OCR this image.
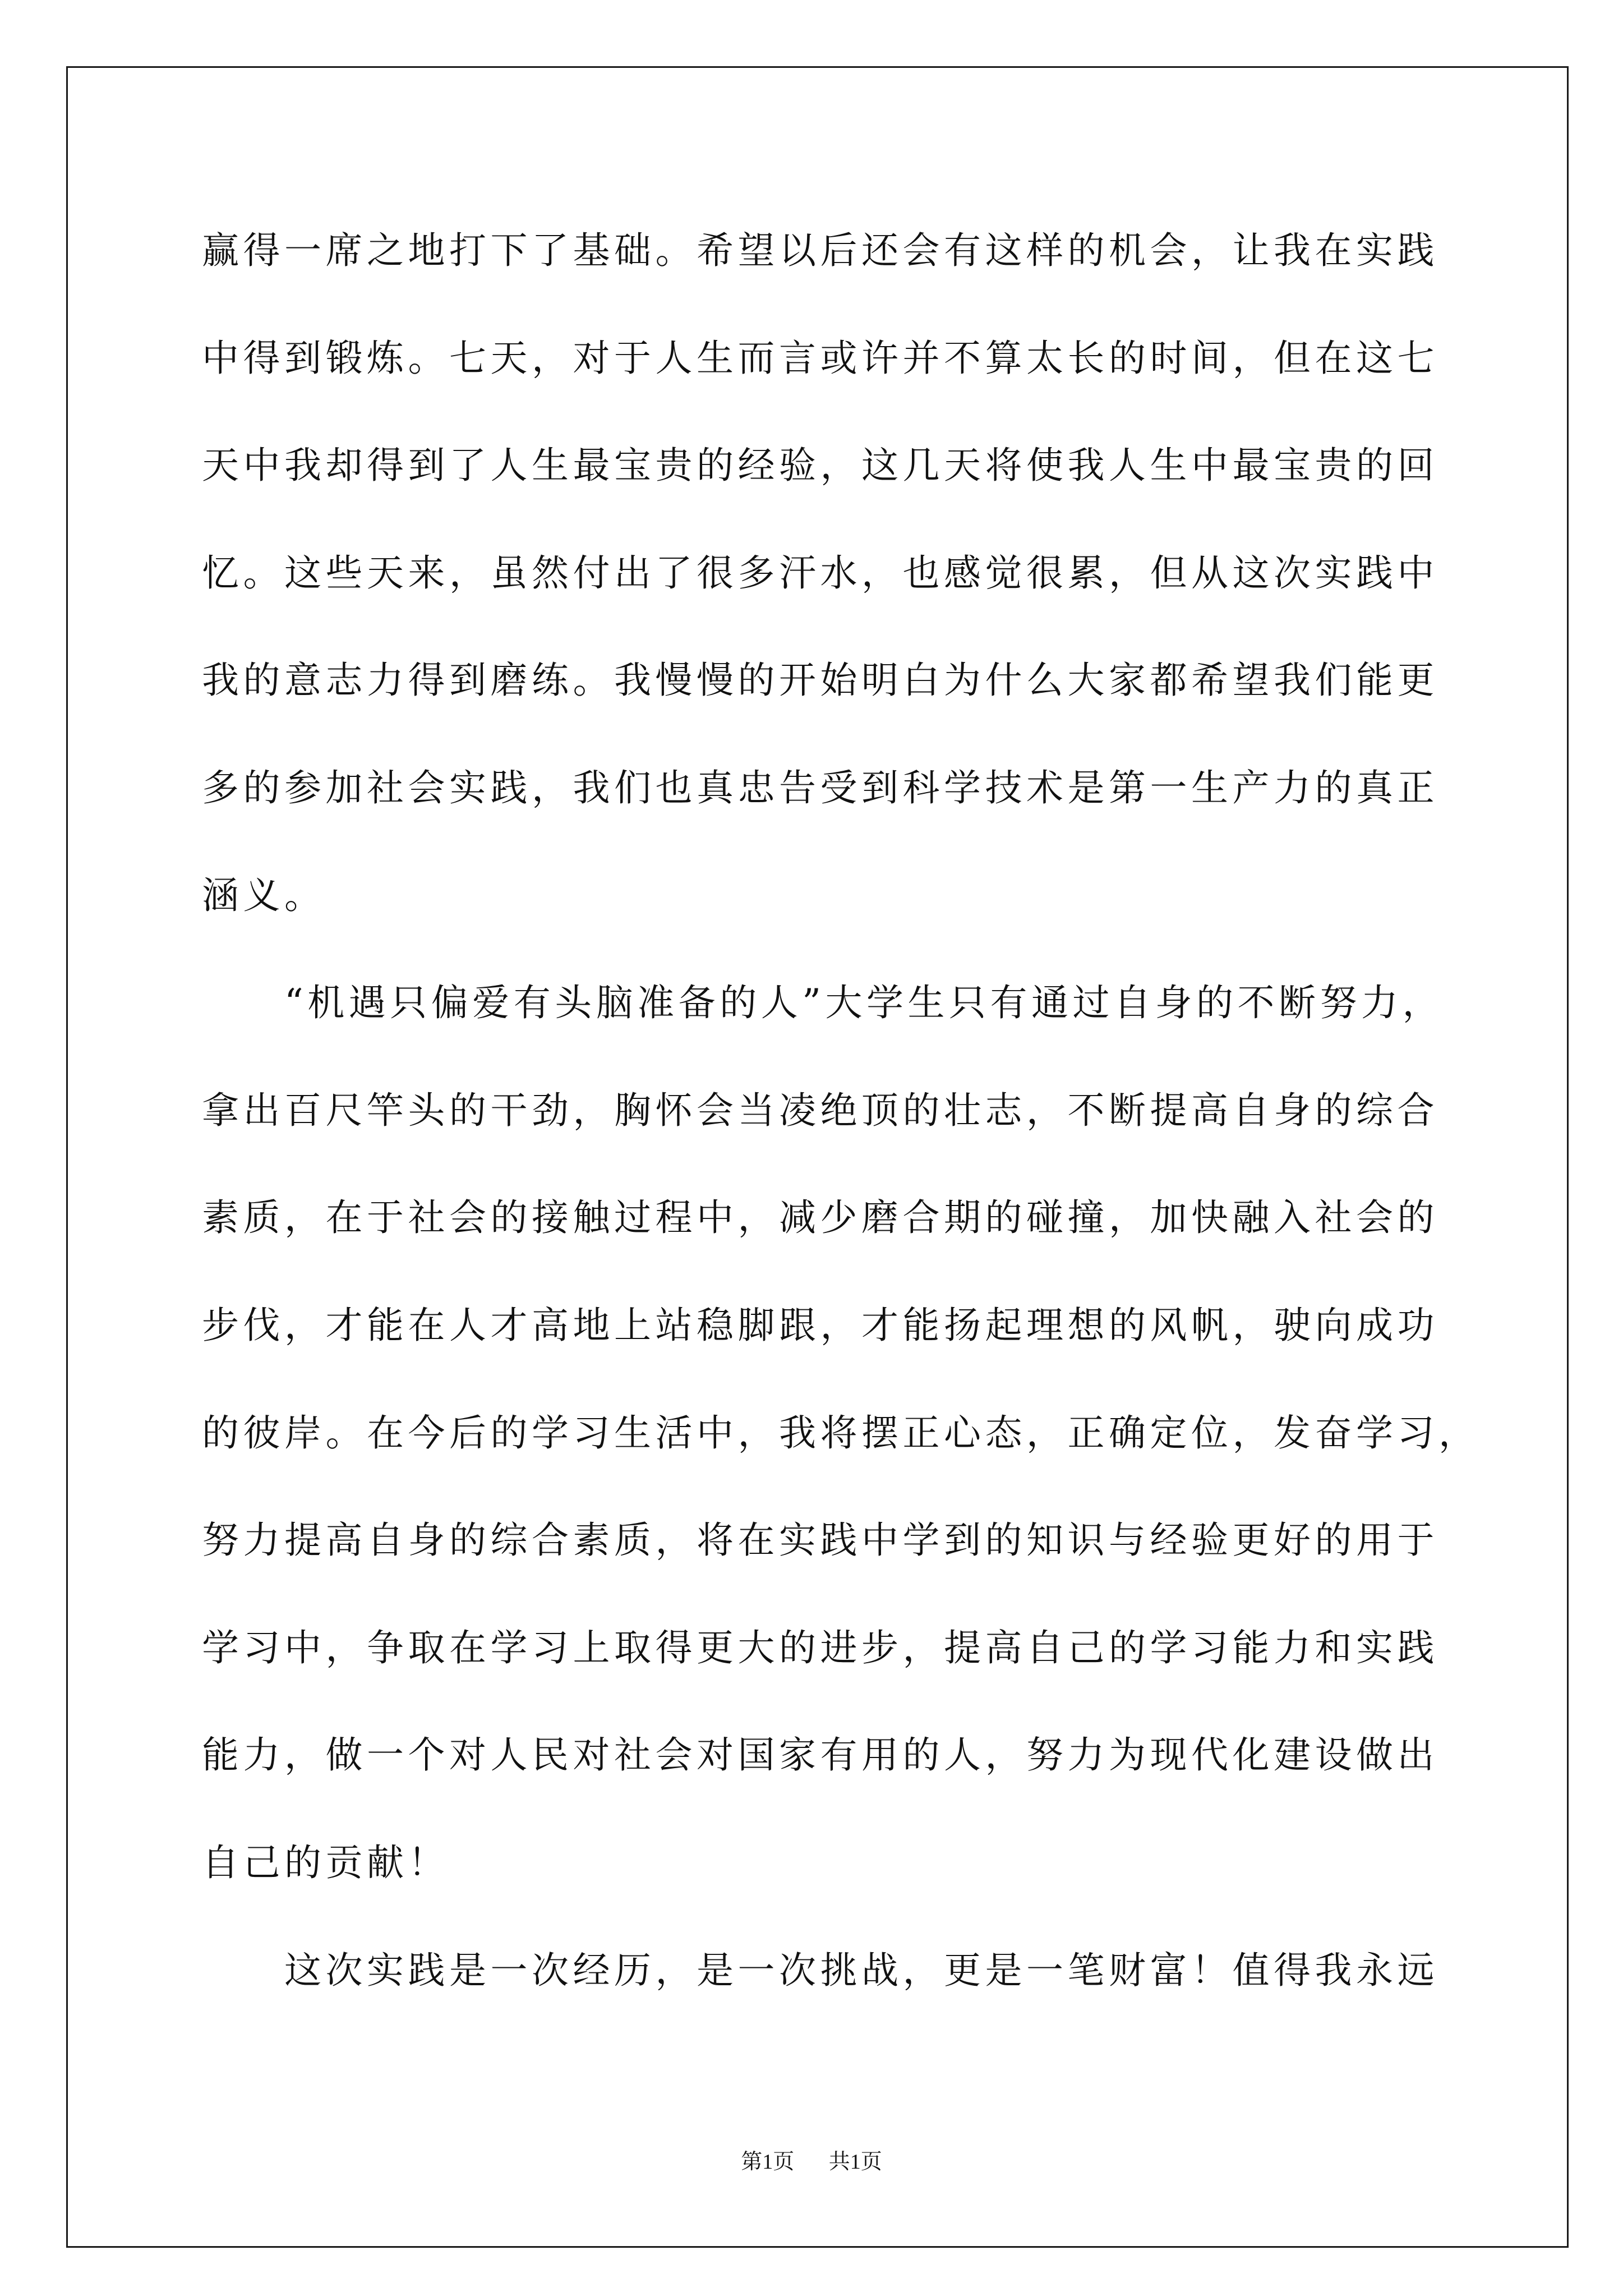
赢得一席之地打下了基础。希望以后还会有这样的机会，让我在实践
中得到锻炼。七天，对于人生而言或许并不算太长的时间，但在这七
天中我却得到了人生最宝贵的经验，这几天将使我人生中最宝贵的回
忆。这些天来，虽然付出了很多汗水，也感觉很累，但从这次实践中
我的意志力得到磨练。我慢慢的开始明白为什么大家都希望我们能更
多的参加社会实践，我们也真忠告受到科学技术是第一生产力的真正
涵义。
“机遇只偏爱有头脑准备的人”大学生只有通过自身的不断努力，
拿出百尺竿头的干劲，胸怀会当凌绝顶的壮志，不断提高自身的综合
素质，在于社会的接触过程中，减少磨合期的碰撞，加快融入社会的
步伐，才能在人才高地上站稳脚跟，才能扬起理想的风帆，驶向成功
的彼岸。在今后的学习生活中，我将摆正心态，正确定位，发奋学习，
努力提高自身的综合素质，将在实践中学到的知识与经验更好的用于
学习中，争取在学习上取得更大的进步，提高自己的学习能力和实践
能力，做一个对人民对社会对国家有用的人，努力为现代化建设做出
自己的贡献！
这次实践是一次经历，是一次挑战，更是一笔财富！值得我永远
第1页 共1页
